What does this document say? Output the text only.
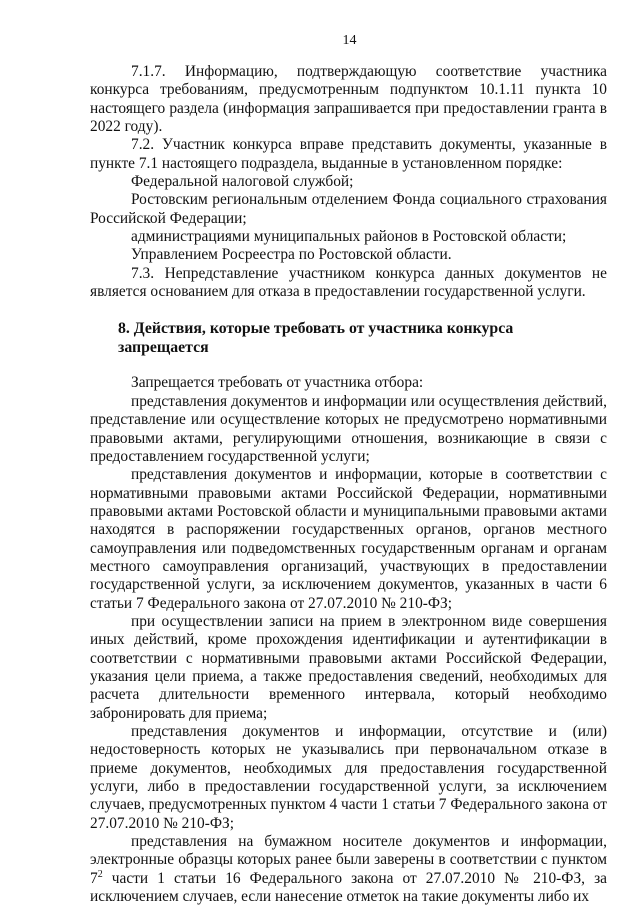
14

7.1.7. Информацию, подтверждающую соответствие участника конкурса требованиям, предусмотренным подпунктом 10.1.11 пункта 10 настоящего раздела (информация запрашивается при предоставлении гранта в 2022 году).

7.2. Участник конкурса вправе представить документы, указанные в пункте 7.1 настоящего подраздела, выданные в установленном порядке:

Федеральной налоговой службой;

Ростовским региональным отделением Фонда социального страхования Российской Федерации;

администрациями муниципальных районов в Ростовской области;

Управлением Росреестра по Ростовской области.

7.3. Непредставление участником конкурса данных документов не является основанием для отказа в предоставлении государственной услуги.

8. Действия, которые требовать от участника конкурса запрещается

Запрещается требовать от участника отбора:

представления документов и информации или осуществления действий, представление или осуществление которых не предусмотрено нормативными правовыми актами, регулирующими отношения, возникающие в связи с предоставлением государственной услуги;

представления документов и информации, которые в соответствии с нормативными правовыми актами Российской Федерации, нормативными правовыми актами Ростовской области и муниципальными правовыми актами находятся в распоряжении государственных органов, органов местного самоуправления или подведомственных государственным органам и органам местного самоуправления организаций, участвующих в предоставлении государственной услуги, за исключением документов, указанных в части 6 статьи 7 Федерального закона от 27.07.2010 № 210-ФЗ;

при осуществлении записи на прием в электронном виде совершения иных действий, кроме прохождения идентификации и аутентификации в соответствии с нормативными правовыми актами Российской Федерации, указания цели приема, а также предоставления сведений, необходимых для расчета длительности временного интервала, который необходимо забронировать для приема;

представления документов и информации, отсутствие и (или) недостоверность которых не указывались при первоначальном отказе в приеме документов, необходимых для предоставления государственной услуги, либо в предоставлении государственной услуги, за исключением случаев, предусмотренных пунктом 4 части 1 статьи 7 Федерального закона от 27.07.2010 № 210-ФЗ;

представления на бумажном носителе документов и информации, электронные образцы которых ранее были заверены в соответствии с пунктом $7^2$ части 1 статьи 16 Федерального закона от 27.07.2010 № 210-ФЗ, за исключением случаев, если нанесение отметок на такие документы либо их
